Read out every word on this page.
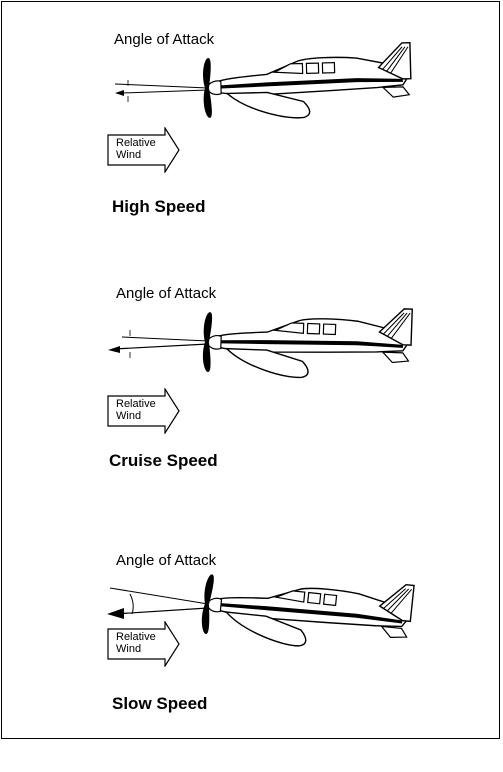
Angle of Attack
Relative
Wind
High Speed
Angle of Attack
Relative
Wind
Cruise Speed
Angle of Attack
Relative
Wind
Slow Speed
